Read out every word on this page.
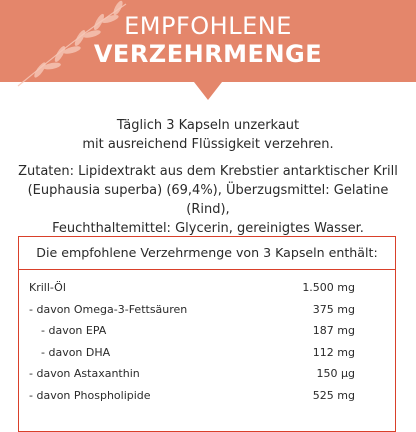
EMPFOHLENE
VERZEHRMENGE
Täglich 3 Kapseln unzerkaut
mit ausreichend Flüssigkeit verzehren.
Zutaten: Lipidextrakt aus dem Krebstier antarktischer Krill
(Euphausia superba) (69,4%), Überzugsmittel: Gelatine (Rind),
Feuchthaltemittel: Glycerin, gereinigtes Wasser.
Die empfohlene Verzehrmenge von 3 Kapseln enthält:
Krill-Öl	1.500 mg
- davon Omega-3-Fettsäuren	375 mg
- davon EPA	187 mg
- davon DHA	112 mg
- davon Astaxanthin	150 µg
- davon Phospholipide	525 mg
